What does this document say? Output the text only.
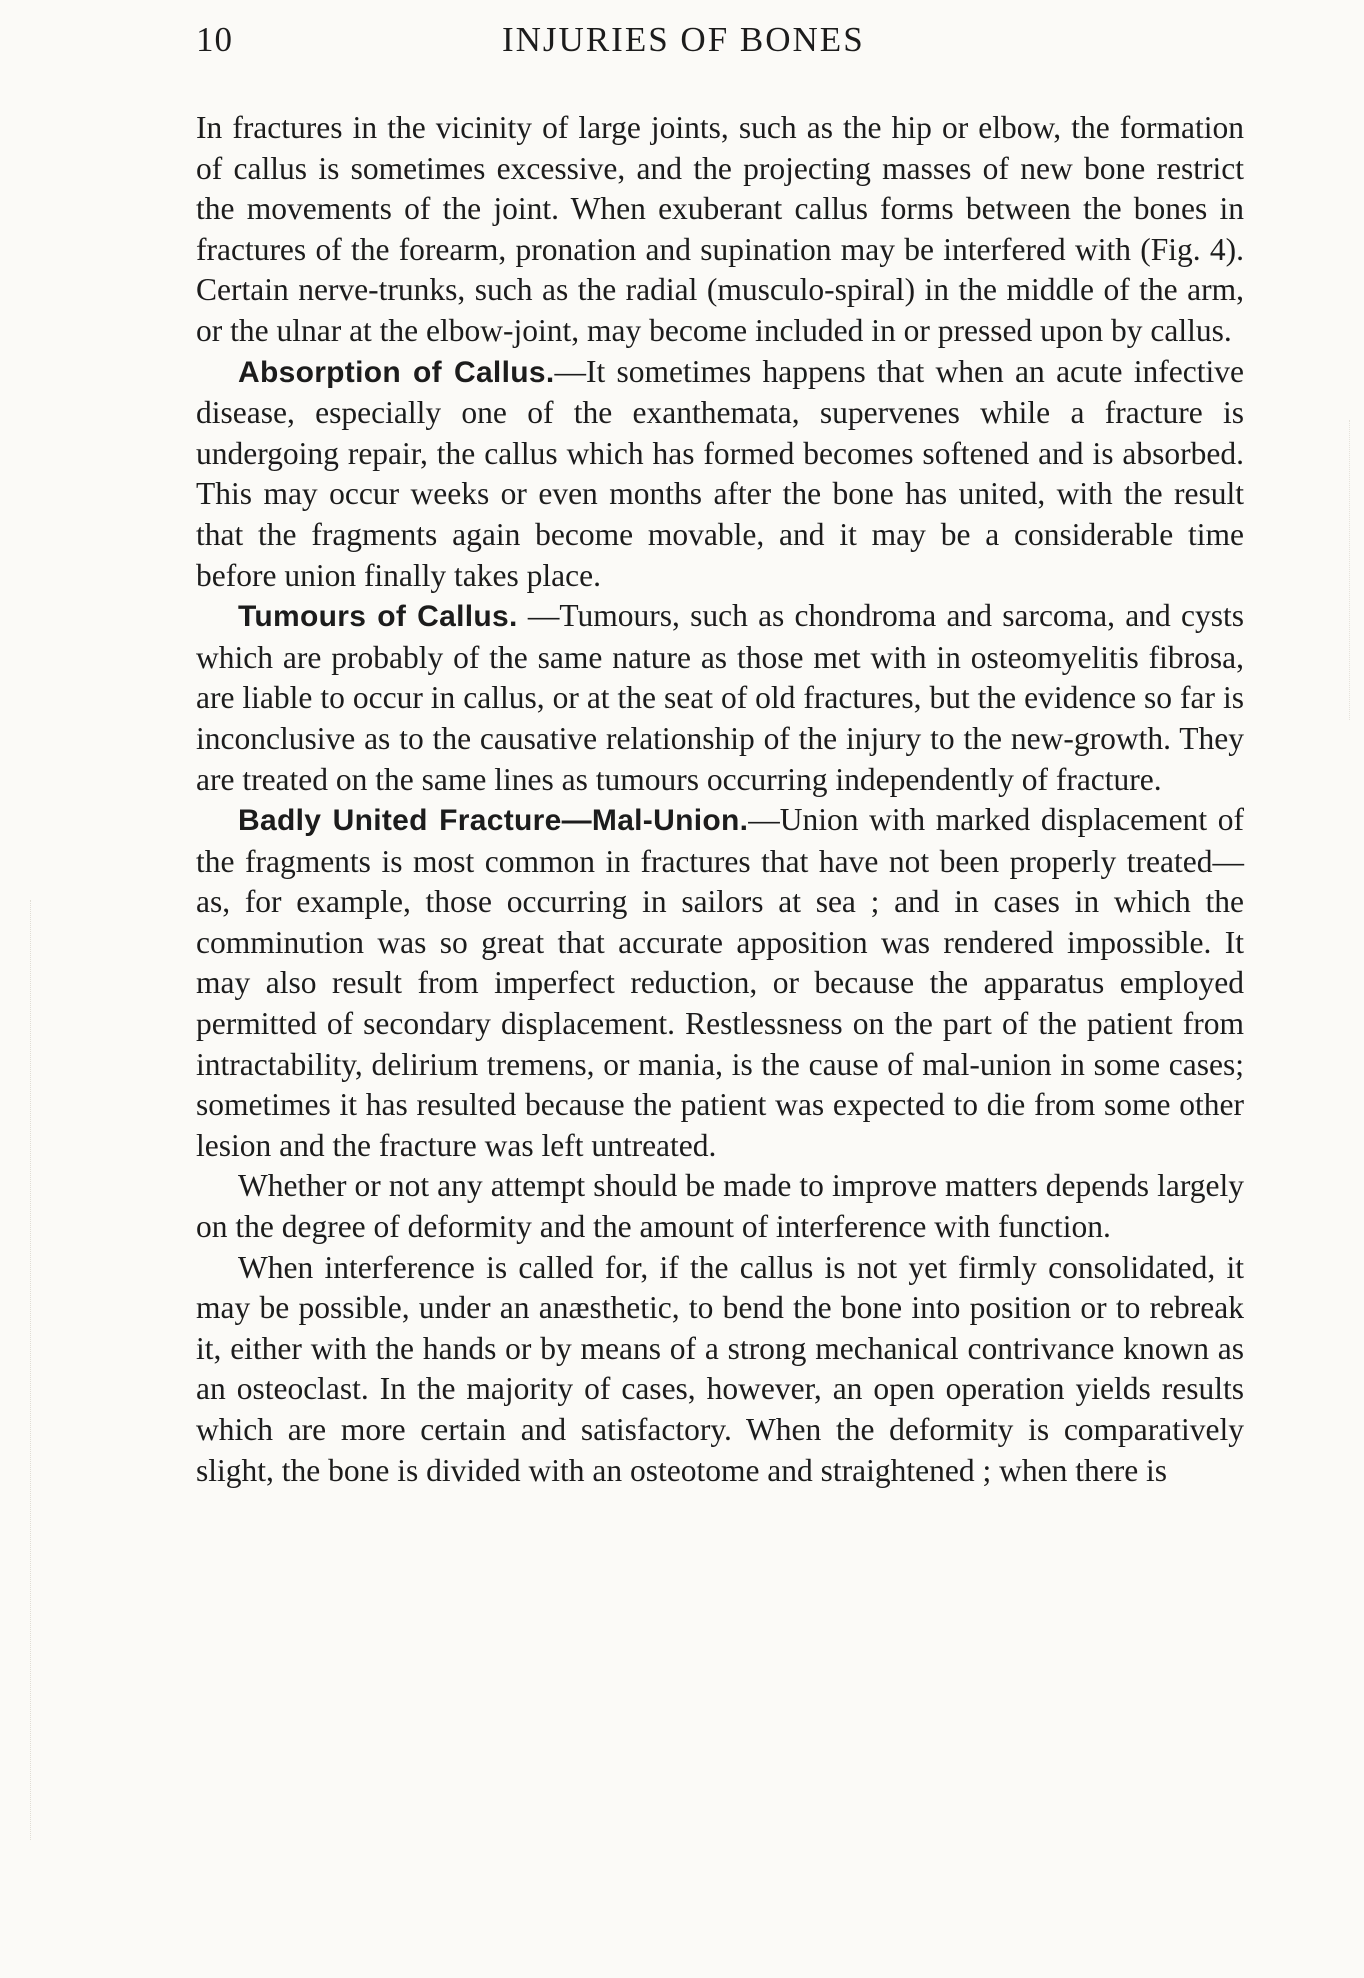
10	INJURIES OF BONES

In fractures in the vicinity of large joints, such as the hip or elbow, the formation of callus is sometimes excessive, and the projecting masses of new bone restrict the movements of the joint. When exuberant callus forms between the bones in fractures of the forearm, pronation and supination may be interfered with (Fig. 4). Certain nerve-trunks, such as the radial (musculo-spiral) in the middle of the arm, or the ulnar at the elbow-joint, may become included in or pressed upon by callus.

Absorption of Callus.—It sometimes happens that when an acute infective disease, especially one of the exanthemata, supervenes while a fracture is undergoing repair, the callus which has formed becomes softened and is absorbed. This may occur weeks or even months after the bone has united, with the result that the fragments again become movable, and it may be a considerable time before union finally takes place.

Tumours of Callus. —Tumours, such as chondroma and sarcoma, and cysts which are probably of the same nature as those met with in osteomyelitis fibrosa, are liable to occur in callus, or at the seat of old fractures, but the evidence so far is inconclusive as to the causative relationship of the injury to the new-growth. They are treated on the same lines as tumours occurring independently of fracture.

Badly United Fracture—Mal-Union.—Union with marked displacement of the fragments is most common in fractures that have not been properly treated—as, for example, those occurring in sailors at sea ; and in cases in which the comminution was so great that accurate apposition was rendered impossible. It may also result from imperfect reduction, or because the apparatus employed permitted of secondary displacement. Restlessness on the part of the patient from intractability, delirium tremens, or mania, is the cause of mal-union in some cases; sometimes it has resulted because the patient was expected to die from some other lesion and the fracture was left untreated.

Whether or not any attempt should be made to improve matters depends largely on the degree of deformity and the amount of interference with function.

When interference is called for, if the callus is not yet firmly consolidated, it may be possible, under an anæsthetic, to bend the bone into position or to rebreak it, either with the hands or by means of a strong mechanical contrivance known as an osteoclast. In the majority of cases, however, an open operation yields results which are more certain and satisfactory. When the deformity is comparatively slight, the bone is divided with an osteotome and straightened ; when there is
